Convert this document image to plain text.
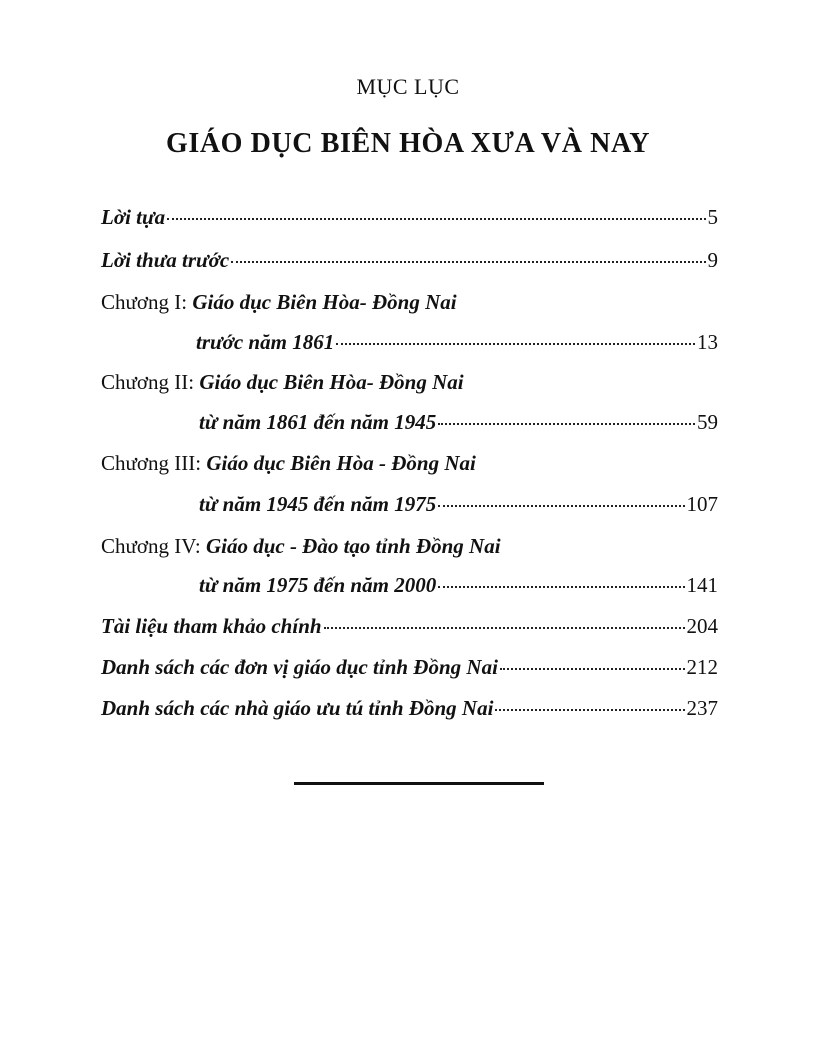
MỤC LỤC
GIÁO DỤC BIÊN HÒA XƯA VÀ NAY
Lời tựa	5
Lời thưa trước	9
Chương I: Giáo dục Biên Hòa- Đồng Nai
trước năm 1861	13
Chương II: Giáo dục Biên Hòa- Đồng Nai
từ năm 1861 đến năm 1945	59
Chương III: Giáo dục Biên Hòa - Đồng Nai
từ năm 1945 đến năm 1975	107
Chương IV: Giáo dục - Đào tạo tỉnh Đồng Nai
từ năm 1975 đến năm 2000	141
Tài liệu tham khảo chính	204
Danh sách các đơn vị giáo dục tỉnh Đồng Nai	212
Danh sách các nhà giáo ưu tú tỉnh Đồng Nai	237
